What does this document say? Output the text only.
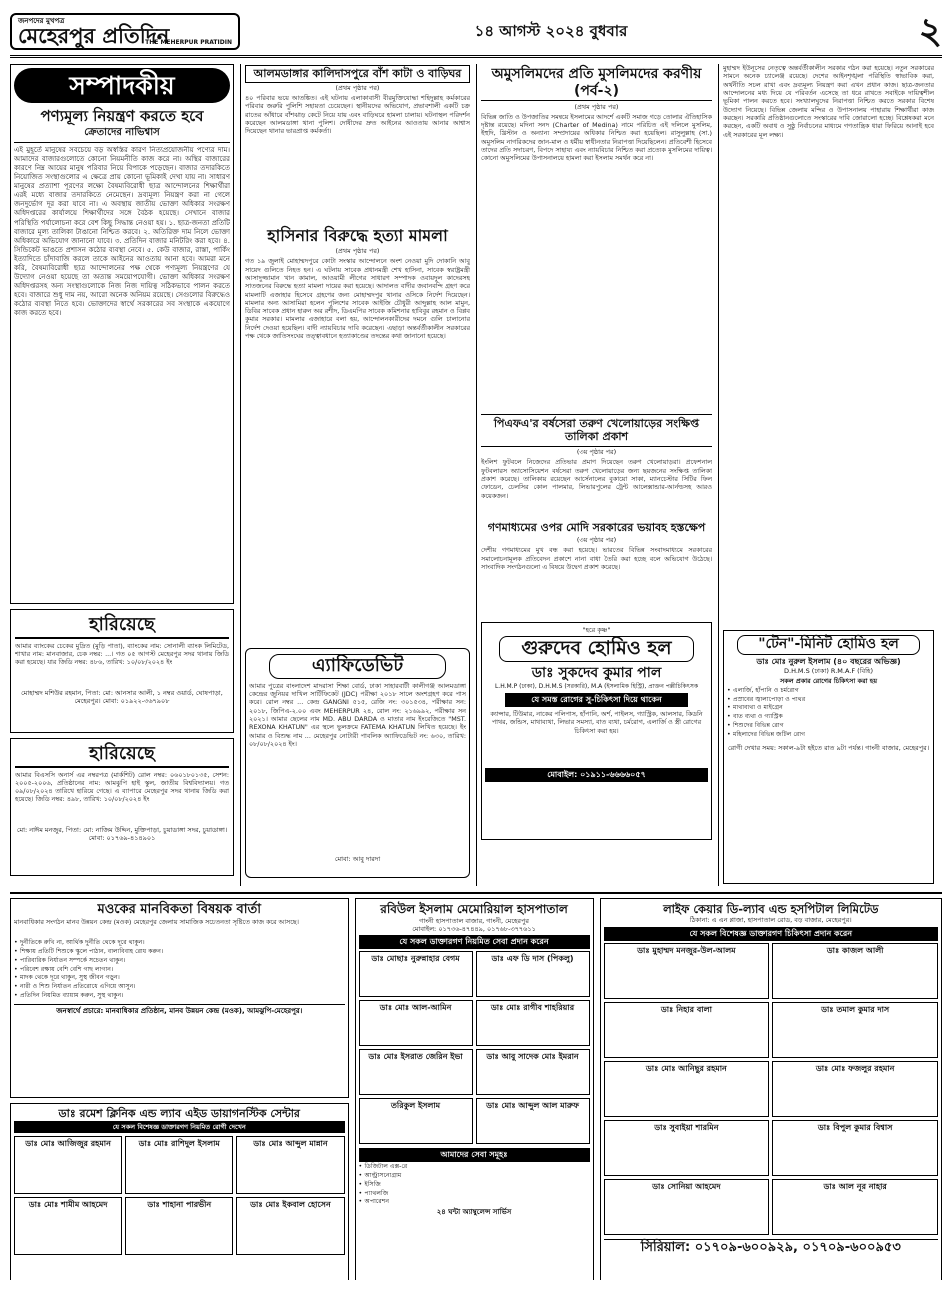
জনপদের মুখপত্র
মেহেরপুর প্রতিদিন
THE MEHERPUR PRATIDIN
১৪ আগস্ট ২০২৪ বুধবার	২
সম্পাদকীয়
পণ্যমূল্য নিয়ন্ত্রণ করতে হবে
ক্রেতাদের নাভিশ্বাস
এই মুহূর্তে মানুষের সবচেয়ে বড় অস্বস্তির কারণ নিত্যপ্রয়োজনীয় পণ্যের দাম। আমাদের বাজারগুলোতে কোনো নিয়মনীতি কাজ করে না। অস্থির বাজারের কারণে নিম্ন আয়ের মানুষ পরিবার নিয়ে বিপাকে পড়েছেন। বাজার তদারকিতে নিয়োজিত সংস্থাগুলোর এ ক্ষেত্রে প্রায় কোনো ভূমিকাই দেখা যায় না। সাধারণ মানুষের প্রত্যাশা পূরণের লক্ষ্যে বৈষম্যবিরোধী ছাত্র আন্দোলনের শিক্ষার্থীরা এরই মধ্যে বাজার তদারকিতে নেমেছেন। দ্রব্যমূল্য নিয়ন্ত্রণ করা না গেলে জনদুর্ভোগ দূর করা যাবে না। এ অবস্থায় জাতীয় ভোক্তা অধিকার সংরক্ষণ অধিদপ্তরের কার্যালয়ে শিক্ষার্থীদের সঙ্গে বৈঠক হয়েছে। সেখানে বাজার পরিস্থিতি পর্যালোচনা করে বেশ কিছু সিদ্ধান্ত নেওয়া হয়। ১. ছাত্র-জনতা প্রতিটি বাজারে মূল্য তালিকা টাঙানো নিশ্চিত করবে। ২. অতিরিক্ত দাম নিলে ভোক্তা অধিকারে অভিযোগ জানানো যাবে। ৩. প্রতিদিন বাজার মনিটরিং করা হবে। ৪. সিন্ডিকেট ভাঙতে প্রশাসন কঠোর ব্যবস্থা নেবে। ৫. কেউ বাজার, রাস্তা, পার্কিং ইত্যাদিতে চাঁদাবাজি করলে তাকে আইনের আওতায় আনা হবে। আমরা মনে করি, বৈষম্যবিরোধী ছাত্র আন্দোলনের পক্ষ থেকে পণ্যমূল্য নিয়ন্ত্রণের যে উদ্যোগ নেওয়া হয়েছে তা অত্যন্ত সময়োপযোগী। ভোক্তা অধিকার সংরক্ষণ অধিদপ্তরসহ অন্য সংস্থাগুলোকে নিজ নিজ দায়িত্ব সঠিকভাবে পালন করতে হবে। বাজারে শুধু দাম নয়, আরো অনেক অনিয়ম রয়েছে। সেগুলোর বিরুদ্ধেও কঠোর ব্যবস্থা নিতে হবে। ভোক্তাদের স্বার্থে সরকারের সব সংস্থাকে একযোগে কাজ করতে হবে।
হারিয়েছে
আমার ব্যাংকের চেকের মুদ্রিত (মুড়ি পাতা), ব্যাংকের নাম: সোনালী ব্যাংক লিমিটেড, শাখার নাম: মানবাজার, চেক নম্বর: ...। গত ০৫ আগস্ট মেহেরপুর সদর থানায় জিডি করা হয়েছে। যার জিডি নম্বর: ৪৮৬, তারিখ: ১০/০৮/২০২৪ ইং
মোহাম্মদ মশিউর রহমান, পিতা: মো: আনসার আলী, ১ নম্বর ওয়ার্ড, ঘোষপাড়া, মেহেরপুর। মোবা: ০১৯২২-৩৬৭৯০৮
হারিয়েছে
আমার বিএসসি অনার্স এর নম্বরপত্র (মার্কশিট) রোল নম্বর: ০৬০১৮০১৩৫, সেশন: ২০০৫-২০০৬, প্রতিষ্ঠানের নাম: আমঝুপি হাই স্কুল, জাতীয় বিশ্ববিদ্যালয়। গত ০৯/০৮/২০২৪ তারিখে হারিয়ে গেছে। এ ব্যাপারে মেহেরপুর সদর থানায় জিডি করা হয়েছে। জিডি নম্বর: ৪৯৮, তারিখ: ১০/০৮/২০২৪ ইং
মো: নাঈম মনজুর, পিতা: মো: নাজিম উদ্দিন, মুক্তিপাড়া, চুয়াডাঙ্গা সদর, চুয়াডাঙ্গা। মোবা: ০১৭৬৯-৪১৪৯০১
আলমডাঙ্গার কালিদাসপুরে বাঁশ কাটা ও বাড়িঘর
(প্রথম পৃষ্ঠার পর)
৪০ পরিবার ভয়ে আতঙ্কিত। এই ঘটনায় এলাকাবাসী বীরমুক্তিযোদ্ধা শহিদুল্লাহ কর্মকারের পরিবার জরুরি পুলিশি সহায়তা চেয়েছেন। স্থানীয়দের অভিযোগ, প্রভাবশালী একটি চক্র রাতের আঁধারে বাঁশঝাড় কেটে নিয়ে যায় এবং বাড়িঘরে হামলা চালায়। ঘটনাস্থল পরিদর্শন করেছেন আলমডাঙ্গা থানা পুলিশ। দোষীদের দ্রুত আইনের আওতায় আনার আশ্বাস দিয়েছেন থানার ভারপ্রাপ্ত কর্মকর্তা।
হাসিনার বিরুদ্ধে হত্যা মামলা
(প্রথম পৃষ্ঠার পর)
গত ১৯ জুলাই মোহাম্মদপুরে কোটা সংস্কার আন্দোলনে অংশ নেওয়া মুদি দোকানি আবু সায়েদ গুলিতে নিহত হন। এ ঘটনায় সাবেক প্রধানমন্ত্রী শেখ হাসিনা, সাবেক স্বরাষ্ট্রমন্ত্রী আসাদুজ্জামান খান কামাল, আওয়ামী লীগের সাধারণ সম্পাদক ওবায়দুল কাদেরসহ সাতজনের বিরুদ্ধে হত্যা মামলা দায়ের করা হয়েছে। আদালত বাদীর জবানবন্দি গ্রহণ করে মামলাটি এজাহার হিসেবে গ্রহণের জন্য মোহাম্মদপুর থানার ওসিকে নির্দেশ দিয়েছেন। মামলার অন্য আসামিরা হলেন পুলিশের সাবেক আইজি চৌধুরী আব্দুল্লাহ আল মামুন, ডিবির সাবেক প্রধান হারুন অর রশীদ, ডিএমপির সাবেক কমিশনার হাবিবুর রহমান ও বিপ্লব কুমার সরকার। মামলার এজাহারে বলা হয়, আন্দোলনকারীদের দমনে গুলি চালানোর নির্দেশ দেওয়া হয়েছিল। বাদী ন্যায়বিচার দাবি করেছেন। এছাড়া অন্তর্বর্তীকালীন সরকারের পক্ষ থেকে জাতিসংঘের তত্ত্বাবধানে হত্যাকাণ্ডের তদন্তের কথা জানানো হয়েছে।
এ্যাফিডেভিট
আমার পুত্রের বাংলাদেশ মাদরাসা শিক্ষা বোর্ড, ঢাকা সাহারবাটী কালীগঞ্জ আলমডাঙ্গা কেন্দ্রের জুনিয়র দাখিল সার্টিফিকেট (JDC) পরীক্ষা ২০১৮ সালে অংশগ্রহণ করে পাস করে। রোল নম্বর ... কেন্দ্র GANGNI ৫১৫, রেজি নং: ৩০১৫৩৪, পরীক্ষার সন: ২০১৮, জিপিএ-২.০০ এবং MEHERPUR ২৪, রোল নং: ২১৬৯৯২, পরীক্ষার সন ২০২১। আমার ছেলের নাম MD. ABU DARDA ও মাতার নাম ইংরেজিতে "MST. REXONA KHATUN" এর স্থলে ভুলক্রমে FATEMA KHATUN লিখিত হয়েছে। ইং আমার ও বিশুদ্ধ নাম ... মেহেরপুর নোটারী পাবলিক অ্যাফিডেভিট নং: ৬৩০, তারিখ: ০৮/০৮/২০২৪ ইং।
মোবা: আবু দারদা
অমুসলিমদের প্রতি মুসলিমদের করণীয় (পর্ব-২)
(প্রথম পৃষ্ঠার পর)
বিভিন্ন জাতি ও উপজাতির সমন্বয়ে ইসলামের আদর্শে একটি সমাজ গড়ে তোলার ঐতিহাসিক দৃষ্টান্ত রয়েছে। মদিনা সনদ (Charter of Medina) নামে পরিচিত এই দলিলে মুসলিম, ইহুদি, খ্রিস্টান ও অন্যান্য সম্প্রদায়ের অধিকার নিশ্চিত করা হয়েছিল। রাসুলুল্লাহ (সা.) অমুসলিম নাগরিকদের জান-মাল ও ধর্মীয় স্বাধীনতার নিরাপত্তা দিয়েছিলেন। প্রতিবেশী হিসেবে তাদের প্রতি সদাচরণ, বিপদে সাহায্য এবং ন্যায়বিচার নিশ্চিত করা প্রত্যেক মুসলিমের দায়িত্ব। কোনো অমুসলিমের উপাসনালয়ে হামলা করা ইসলাম সমর্থন করে না।
পিএফএ'র বর্ষসেরা তরুণ খেলোয়াড়ের সংক্ষিপ্ত তালিকা প্রকাশ
(৩য় পৃষ্ঠার পর)
ইংলিশ ফুটবলে নিজেদের প্রতিভার প্রমাণ দিয়েছেন তরুণ খেলোয়াড়রা। প্রফেশনাল ফুটবলারস অ্যাসোসিয়েশন বর্ষসেরা তরুণ খেলোয়াড়ের জন্য ছয়জনের সংক্ষিপ্ত তালিকা প্রকাশ করেছে। তালিকায় রয়েছেন আর্সেনালের বুকায়ো সাকা, ম্যানচেস্টার সিটির ফিল ফোডেন, চেলসির কোল পালমার, লিভারপুলের ট্রেন্ট আলেক্সান্ডার-আর্নল্ডসহ আরও কয়েকজন।
গণমাধ্যমের ওপর মোদি সরকারের ভয়াবহ হস্তক্ষেপ
(৩য় পৃষ্ঠার পর)
দেশীয় গণমাধ্যমের মুখ বন্ধ করা হয়েছে। ভারতের বিভিন্ন সংবাদমাধ্যমে সরকারের সমালোচনামূলক প্রতিবেদন প্রকাশে নানা বাধা তৈরি করা হচ্ছে বলে অভিযোগ উঠেছে। সাংবাদিক সংগঠনগুলো এ বিষয়ে উদ্বেগ প্রকাশ করেছে।
"হরে কৃষ্ণ"
গুরুদেব হোমিও হল
ডাঃ সুকদেব কুমার পাল
L.H.M.P (ঢাকা), D.H.M.S (সরকারি), M.A (ইসলামিক হিস্ট্রি), প্রাক্তন পল্লীচিকিৎসক
যে সমস্ত রোগের সু-চিকিৎসা দিয়ে থাকেন
ক্যান্সার, টিউমার, নাকের পলিপাস, হাঁপানি, অর্শ, পাইলস, গ্যাস্ট্রিক, আলসার, কিডনি পাথর, জন্ডিস, মাথাব্যথা, লিভার সমস্যা, বাত ব্যথা, চর্মরোগ, এলার্জি ও স্ত্রী রোগের চিকিৎসা করা হয়।
মোবাইল: ০১৯১১-৬৬৬৬০৫৭
মুহাম্মদ ইউনূসের নেতৃত্বে অন্তর্বর্তীকালীন সরকার গঠন করা হয়েছে। নতুন সরকারের সামনে অনেক চ্যালেঞ্জ রয়েছে। দেশের আইনশৃঙ্খলা পরিস্থিতি স্বাভাবিক করা, অর্থনীতি সচল রাখা এবং দ্রব্যমূল্য নিয়ন্ত্রণ করা এখন প্রধান কাজ। ছাত্র-জনতার আন্দোলনের মধ্য দিয়ে যে পরিবর্তন এসেছে তা ধরে রাখতে সবাইকে দায়িত্বশীল ভূমিকা পালন করতে হবে। সংখ্যালঘুদের নিরাপত্তা নিশ্চিত করতে সরকার বিশেষ উদ্যোগ নিয়েছে। বিভিন্ন জেলায় মন্দির ও উপাসনালয় পাহারায় শিক্ষার্থীরা কাজ করছেন। সরকারি প্রতিষ্ঠানগুলোতে সংস্কারের দাবি জোরালো হচ্ছে। বিশ্লেষকরা মনে করছেন, একটি অবাধ ও সুষ্ঠু নির্বাচনের মাধ্যমে গণতান্ত্রিক ধারা ফিরিয়ে আনাই হবে এই সরকারের মূল লক্ষ্য।
"টেন"-মিনিট হোমিও হল
ডাঃ মোঃ নুরুল ইসলাম (৪০ বছরের অভিজ্ঞ)
D.H.M.S (ঢাকা) R.M.A.F (বিহি)
সকল প্রকার রোগের চিকিৎসা করা হয়
• এলার্জি, হাঁপানি ও চর্মরোগ
• প্রস্রাবের জ্বালাপোড়া ও পাথর
• মাথাব্যথা ও মাইগ্রেন
• বাত ব্যথা ও গ্যাস্ট্রিক
• শিশুদের বিভিন্ন রোগ
• মহিলাদের বিভিন্ন জটিল রোগ
রোগী দেখার সময়: সকাল-৯টা হইতে রাত ৯টা পর্যন্ত। গাংনী বাজার, মেহেরপুর।
মওকের মানবিকতা বিষয়ক বার্তা
মানবাধিকার সংগঠন মানব উন্নয়ন কেন্দ্র (মওক) মেহেরপুর জেলায় সামাজিক সচেতনতা সৃষ্টিতে কাজ করে আসছে।
• দুর্নীতিকে রুখি না, আর্থিক দুর্নীতি থেকে দূরে থাকুন।
• শিক্ষায় প্রতিটি শিশুকে স্কুলে পাঠান, বাল্যবিবাহ রোধ করুন।
• পারিবারিক নির্যাতন সম্পর্কে সচেতন থাকুন।
• পরিবেশ রক্ষায় বেশি বেশি গাছ লাগান।
• মাদক থেকে দূরে থাকুন, সুস্থ জীবন গড়ুন।
• নারী ও শিশু নির্যাতন প্রতিরোধে এগিয়ে আসুন।
• প্রতিদিন নিয়মিত ব্যায়াম করুন, সুস্থ থাকুন।
জনস্বার্থে প্রচারে: মানবাধিকার প্রতিষ্ঠান, মানব উন্নয়ন কেন্দ্র (মওক), আমঝুপি-মেহেরপুর।
ডাঃ রমেশ ক্লিনিক এন্ড ল্যাব এইড ডায়াগনস্টিক সেন্টার
যে সকল বিশেষজ্ঞ ডাক্তারগণ নিয়মিত রোগী দেখেন
ডাঃ মোঃ আজিজুর রহমান	ডাঃ মোঃ রাশিদুল ইসলাম	ডাঃ মোঃ আব্দুল মান্নান
ডাঃ মোঃ শামীম আহমেদ	ডাঃ শাহানা পারভীন	ডাঃ মোঃ ইকবাল হোসেন
রবিউল ইসলাম মেমোরিয়াল হাসপাতাল
গাংনী হাসপাতাল বাজার, গাংনী, মেহেরপুর
মোবাইল: ০১৭৩৬-৪৭৪৪৯, ০১৭৬৮-৩৭৭৬১১
যে সকল ডাক্তারগণ নিয়মিত সেবা প্রদান করেন
ডাঃ মোছাঃ নুরুন্নাহার বেগম	ডাঃ এফ ডি দাস (পিকলু)
ডাঃ মোঃ আল-আমিন	ডাঃ মোঃ রাগীব শাহরিয়ার
ডাঃ মোঃ ইসরাত জেরিন ইভা	ডাঃ আবু সাদেক মোঃ ইমরান
তরিকুল ইসলাম	ডাঃ মোঃ আব্দুল আল মারুফ
আমাদের সেবা সমূহঃ
• ডিজিটাল এক্স-রে
• আল্ট্রাসনোগ্রাম
• ইসিজি
• প্যাথলজি
• অপারেশন
২৪ ঘন্টা অ্যাম্বুলেন্স সার্ভিস
লাইফ কেয়ার ডি-ল্যাব এন্ড হসপিটাল লিমিটেড
ঠিকানা: এ এন প্লাজা, হাসপাতাল রোড, বড় বাজার, মেহেরপুর।
যে সকল বিশেষজ্ঞ ডাক্তারগণ চিকিৎসা প্রদান করেন
ডাঃ মুহাম্মদ মনজুর-উল-আলম	ডাঃ কাজল আলী
ডাঃ নিহার বালা	ডাঃ তমাল কুমার দাস
ডাঃ মোঃ আনিছুর রহমান	ডাঃ মোঃ ফজলুর রহমান
ডাঃ সুবাইয়া শারমিন	ডাঃ বিপুল কুমার বিশ্বাস
ডাঃ সোনিয়া আহমেদ	ডাঃ আল নূর নাহার
সিরিয়াল: ০১৭০৯-৬০০৯২৯, ০১৭০৯-৬০০৯৫৩
